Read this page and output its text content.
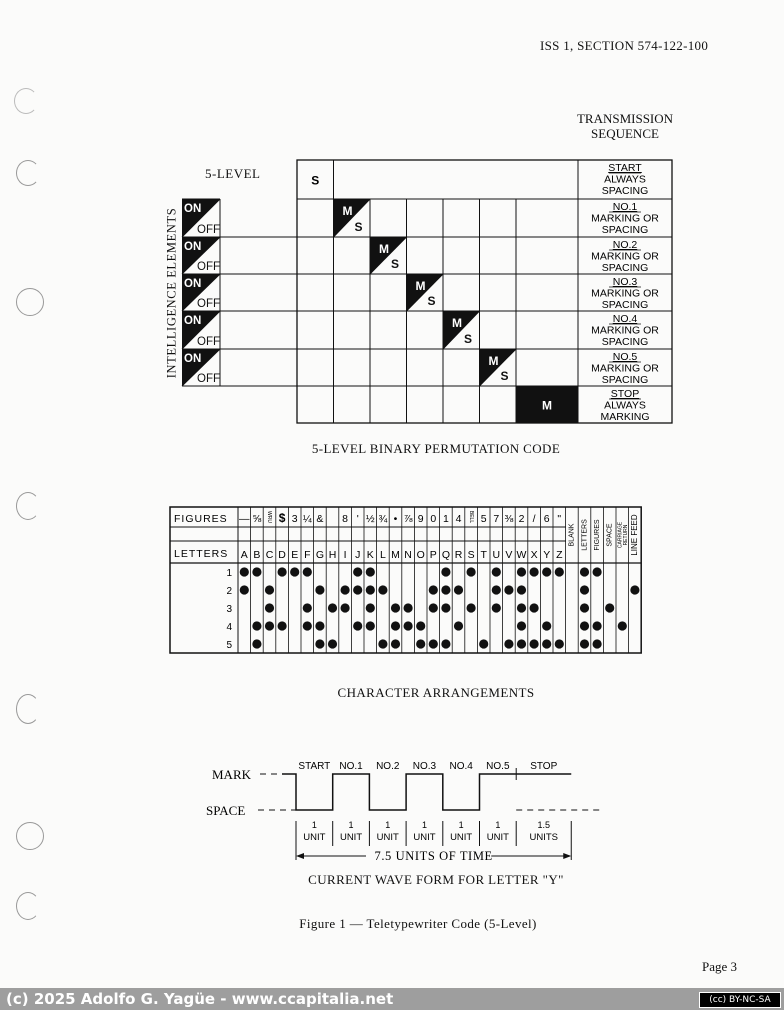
ISS 1, SECTION 574-122-100
TRANSMISSION
SEQUENCE
5-LEVEL
INTELLIGENCE ELEMENTS
S
ON
OFF
M
S
ON
OFF
M
S
ON
OFF
M
S
ON
OFF
M
S
ON
OFF
M
S
M
START
ALWAYS
SPACING
NO.1
MARKING OR
SPACING
NO.2
MARKING OR
SPACING
NO.3
MARKING OR
SPACING
NO.4
MARKING OR
SPACING
NO.5
MARKING OR
SPACING
STOP
ALWAYS
MARKING
5-LEVEL BINARY PERMUTATION CODE
FIGURES
LETTERS
— ⅝ WRU $ 3 ¼ & 8 ' ½ ¾ • ⅞ 9 0 1 4 BELL 5 7 ⅜ 2 / 6 "
A B C D E F G H I J K L M N O P Q R S T U V W X Y Z
BLANK LETTERS FIGURES SPACE CARRIAGE RETURN LINE FEED
1
2
3
4
5
CHARACTER ARRANGEMENTS
MARK
SPACE
START NO.1 NO.2 NO.3 NO.4 NO.5 STOP
1
UNIT
1
UNIT
1
UNIT
1
UNIT
1
UNIT
1
UNIT
1.5
UNITS
7.5 UNITS OF TIME
CURRENT WAVE FORM FOR LETTER "Y"
Figure 1 — Teletypewriter Code (5-Level)
Page 3
(c) 2025 Adolfo G. Yagüe - www.ccapitalia.net	(cc) BY-NC-SA
